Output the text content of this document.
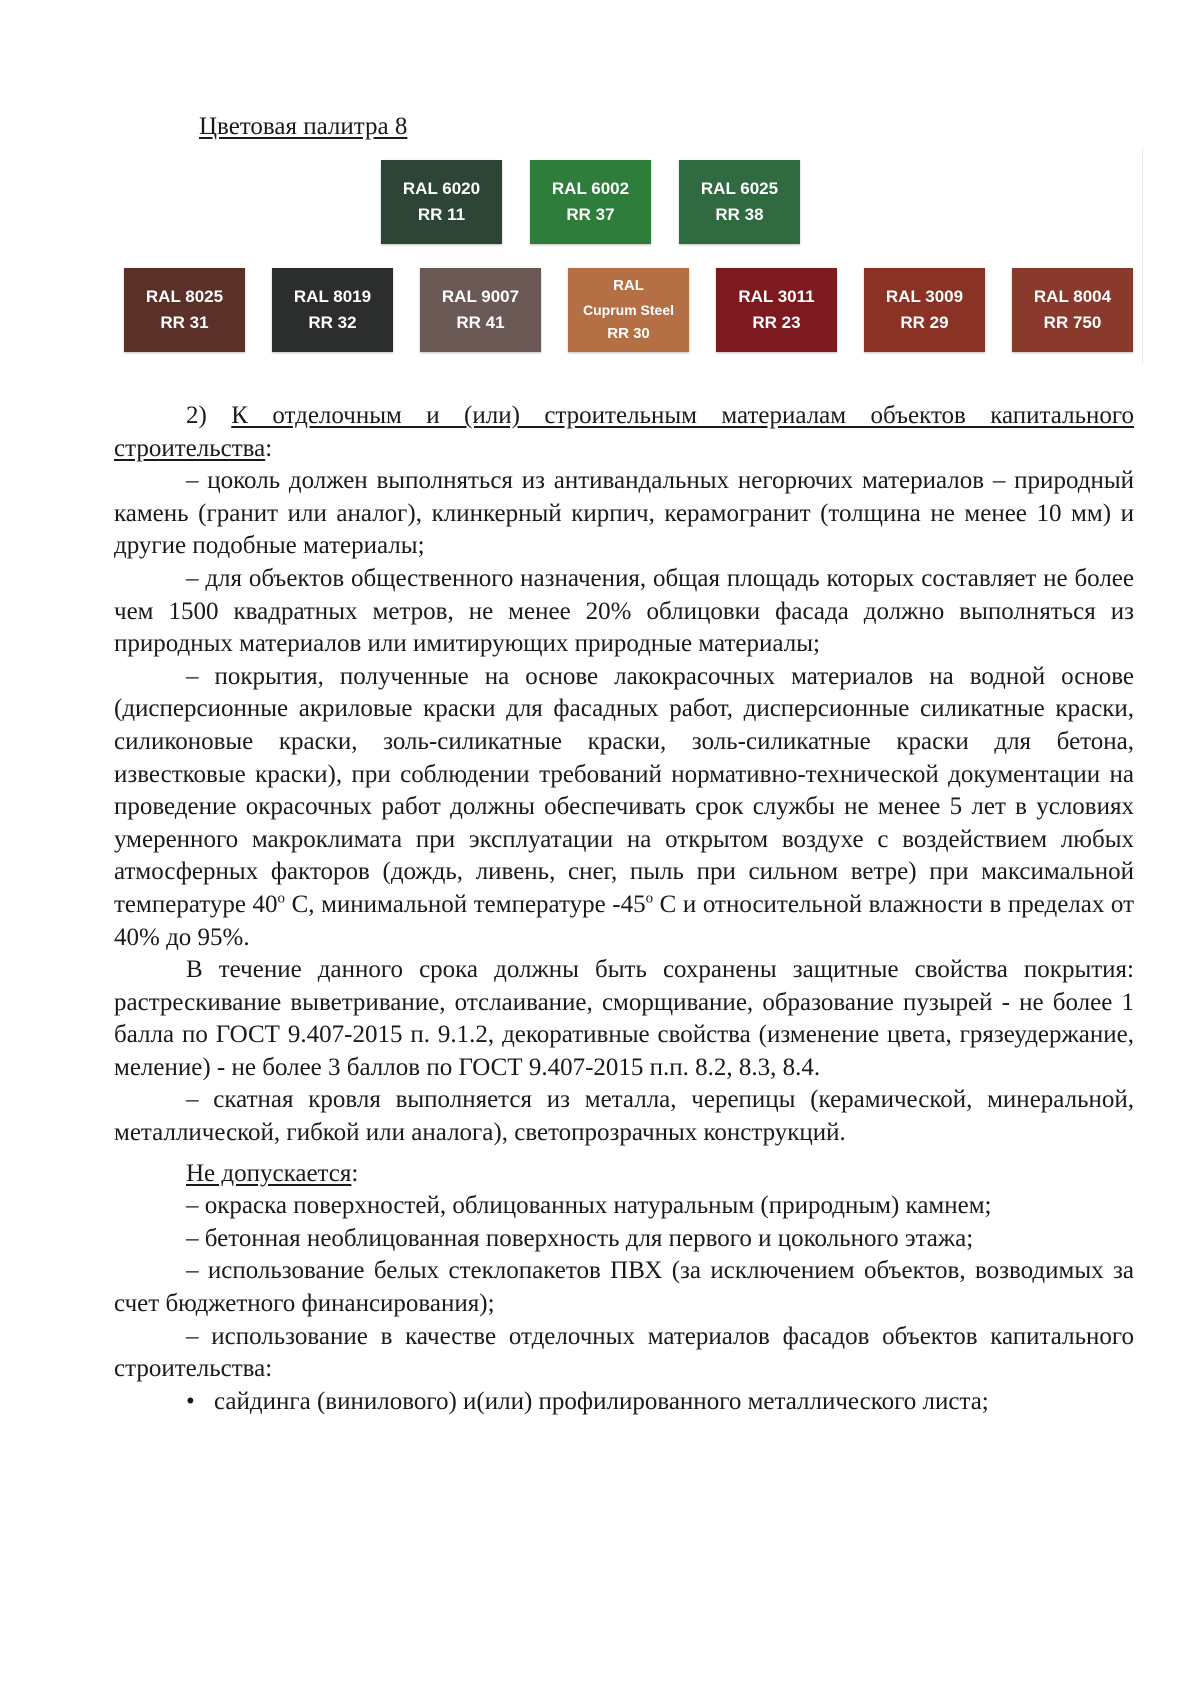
Цветовая палитра 8
RAL 6020
RR 11
RAL 6002
RR 37
RAL 6025
RR 38
RAL 8025
RR 31
RAL 8019
RR 32
RAL 9007
RR 41
RAL
Cuprum Steel
RR 30
RAL 3011
RR 23
RAL 3009
RR 29
RAL 8004
RR 750

2) К отделочным и (или) строительным материалам объектов капитального строительства:

– цоколь должен выполняться из антивандальных негорючих материалов – природный камень (гранит или аналог), клинкерный кирпич, керамогранит (толщина не менее 10 мм) и другие подобные материалы;

– для объектов общественного назначения, общая площадь которых составляет не более чем 1500 квадратных метров, не менее 20% облицовки фасада должно выполняться из природных материалов или имитирующих природные материалы;

– покрытия, полученные на основе лакокрасочных материалов на водной основе (дисперсионные акриловые краски для фасадных работ, дисперсионные силикатные краски, силиконовые краски, золь-силикатные краски, золь-силикатные краски для бетона, известковые краски), при соблюдении требований нормативно-технической документации на проведение окрасочных работ должны обеспечивать срок службы не менее 5 лет в условиях умеренного макроклимата при эксплуатации на открытом воздухе с воздействием любых атмосферных факторов (дождь, ливень, снег, пыль при сильном ветре) при максимальной температуре $40^о$ С, минимальной температуре $-45^о$ С и относительной влажности в пределах от 40% до 95%.

В течение данного срока должны быть сохранены защитные свойства покрытия: растрескивание выветривание, отслаивание, сморщивание, образование пузырей - не более 1 балла по ГОСТ 9.407-2015 п. 9.1.2, декоративные свойства (изменение цвета, грязеудержание, меление) - не более 3 баллов по ГОСТ 9.407-2015 п.п. 8.2, 8.3, 8.4.

– скатная кровля выполняется из металла, черепицы (керамической, минеральной, металлической, гибкой или аналога), светопрозрачных конструкций.

Не допускается:

– окраска поверхностей, облицованных натуральным (природным) камнем;

– бетонная необлицованная поверхность для первого и цокольного этажа;

– использование белых стеклопакетов ПВХ (за исключением объектов, возводимых за счет бюджетного финансирования);

– использование в качестве отделочных материалов фасадов объектов капитального строительства:

• сайдинга (винилового) и(или) профилированного металлического листа;
